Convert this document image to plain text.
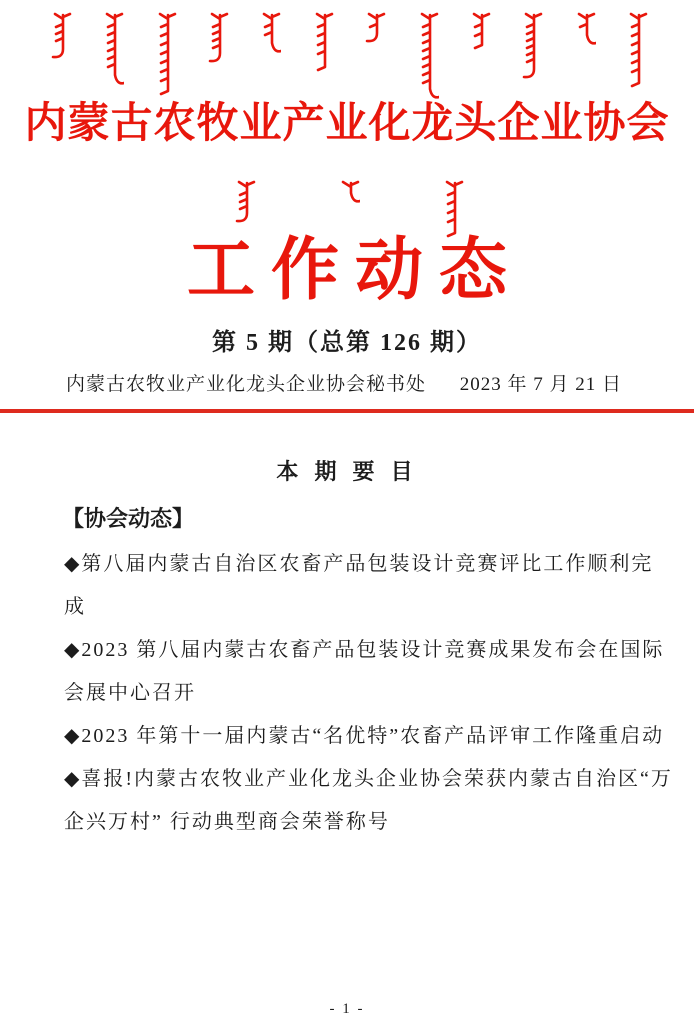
内蒙古农牧业产业化龙头企业协会
工作动态
第 5 期（总第 126 期）
内蒙古农牧业产业化龙头企业协会秘书处 2023 年 7 月 21 日
本 期 要 目
【协会动态】
◆第八届内蒙古自治区农畜产品包装设计竞赛评比工作顺利完
成
◆2023 第八届内蒙古农畜产品包装设计竞赛成果发布会在国际
会展中心召开
◆2023 年第十一届内蒙古“名优特”农畜产品评审工作隆重启动
◆喜报!内蒙古农牧业产业化龙头企业协会荣获内蒙古自治区“万
企兴万村” 行动典型商会荣誉称号
- 1 -
